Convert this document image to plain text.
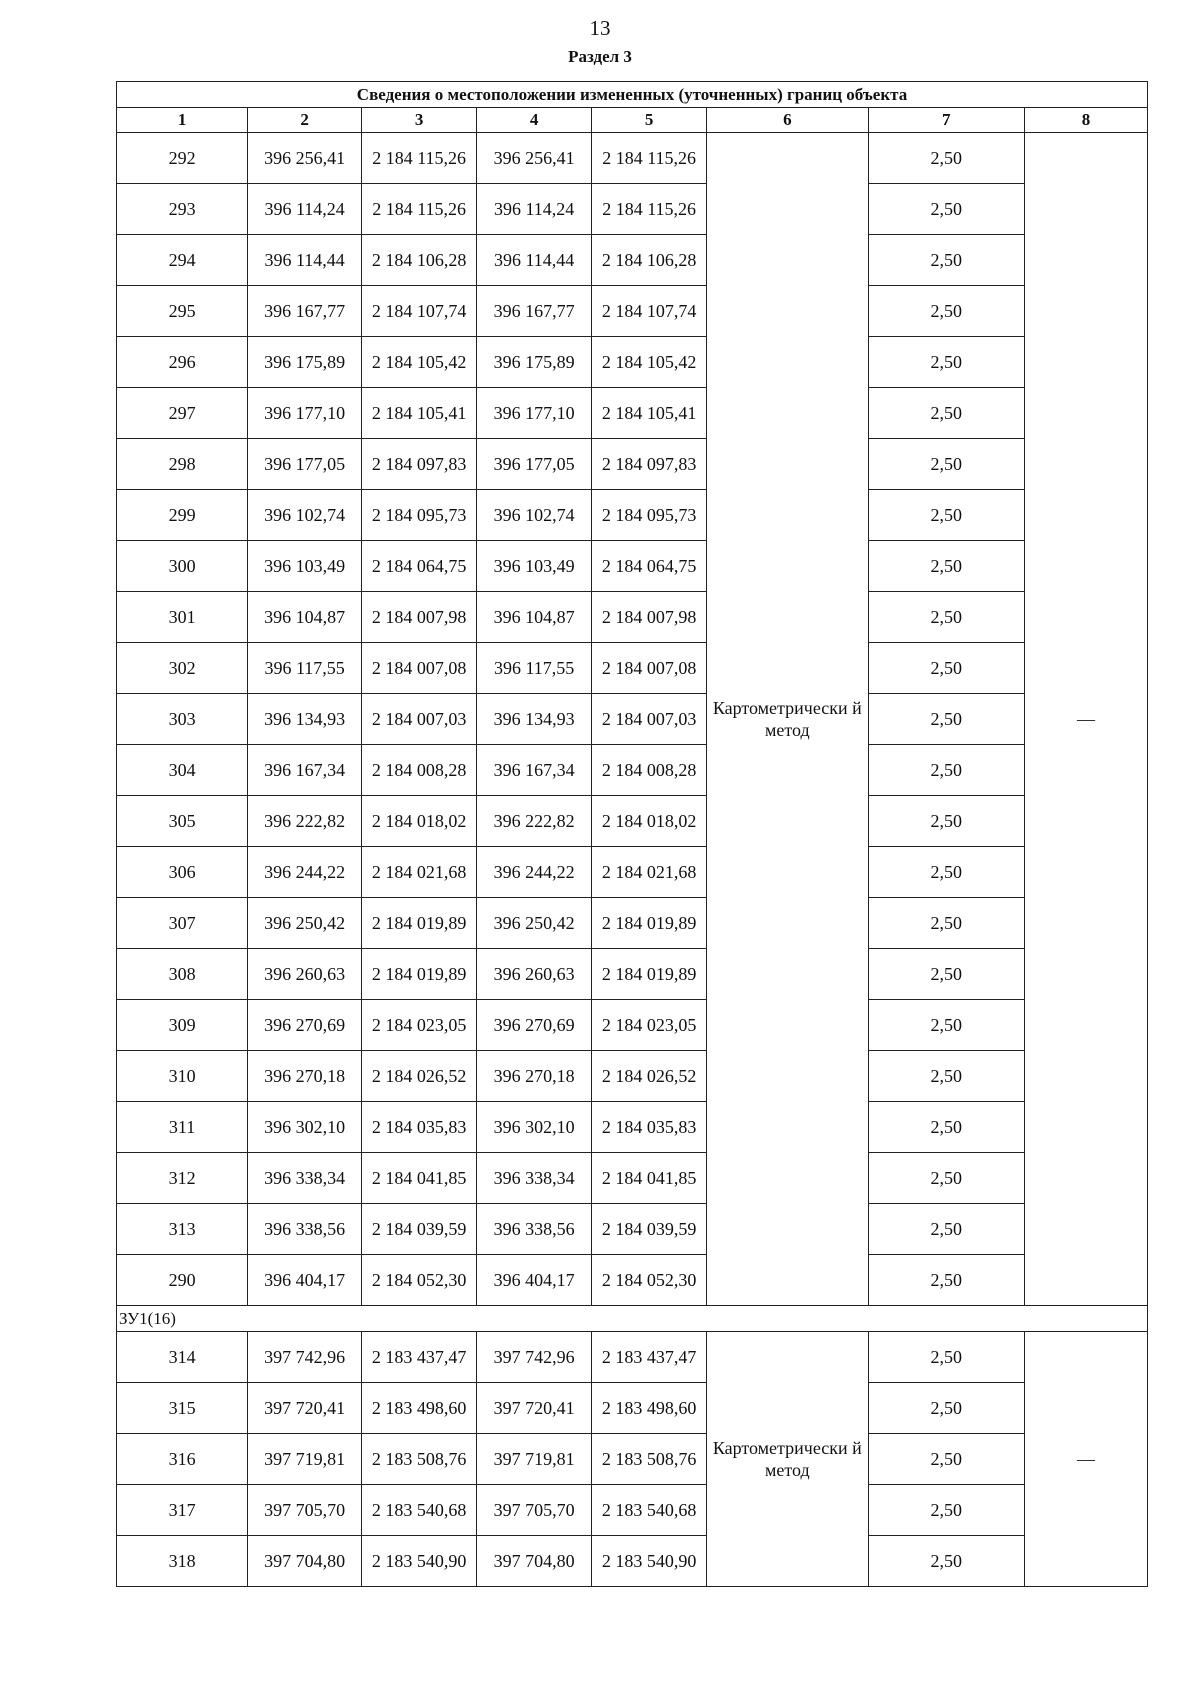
13
Раздел 3
Сведения о местоположении измененных (уточненных) границ объекта							
1	2	3	4	5	6	7	8
292	396 256,41	2 184 115,26	396 256,41	2 184 115,26	Картометрически й метод	2,50	—
293	396 114,24	2 184 115,26	396 114,24	2 184 115,26		2,50	
294	396 114,44	2 184 106,28	396 114,44	2 184 106,28		2,50	
295	396 167,77	2 184 107,74	396 167,77	2 184 107,74		2,50	
296	396 175,89	2 184 105,42	396 175,89	2 184 105,42		2,50	
297	396 177,10	2 184 105,41	396 177,10	2 184 105,41		2,50	
298	396 177,05	2 184 097,83	396 177,05	2 184 097,83		2,50	
299	396 102,74	2 184 095,73	396 102,74	2 184 095,73		2,50	
300	396 103,49	2 184 064,75	396 103,49	2 184 064,75		2,50	
301	396 104,87	2 184 007,98	396 104,87	2 184 007,98		2,50	
302	396 117,55	2 184 007,08	396 117,55	2 184 007,08		2,50	
303	396 134,93	2 184 007,03	396 134,93	2 184 007,03		2,50	
304	396 167,34	2 184 008,28	396 167,34	2 184 008,28		2,50	
305	396 222,82	2 184 018,02	396 222,82	2 184 018,02		2,50	
306	396 244,22	2 184 021,68	396 244,22	2 184 021,68		2,50	
307	396 250,42	2 184 019,89	396 250,42	2 184 019,89		2,50	
308	396 260,63	2 184 019,89	396 260,63	2 184 019,89		2,50	
309	396 270,69	2 184 023,05	396 270,69	2 184 023,05		2,50	
310	396 270,18	2 184 026,52	396 270,18	2 184 026,52		2,50	
311	396 302,10	2 184 035,83	396 302,10	2 184 035,83		2,50	
312	396 338,34	2 184 041,85	396 338,34	2 184 041,85		2,50	
313	396 338,56	2 184 039,59	396 338,56	2 184 039,59		2,50	
290	396 404,17	2 184 052,30	396 404,17	2 184 052,30		2,50	
ЗУ1(16)							
314	397 742,96	2 183 437,47	397 742,96	2 183 437,47	Картометрически й метод	2,50	—
315	397 720,41	2 183 498,60	397 720,41	2 183 498,60		2,50	
316	397 719,81	2 183 508,76	397 719,81	2 183 508,76		2,50	
317	397 705,70	2 183 540,68	397 705,70	2 183 540,68		2,50	
318	397 704,80	2 183 540,90	397 704,80	2 183 540,90		2,50	
